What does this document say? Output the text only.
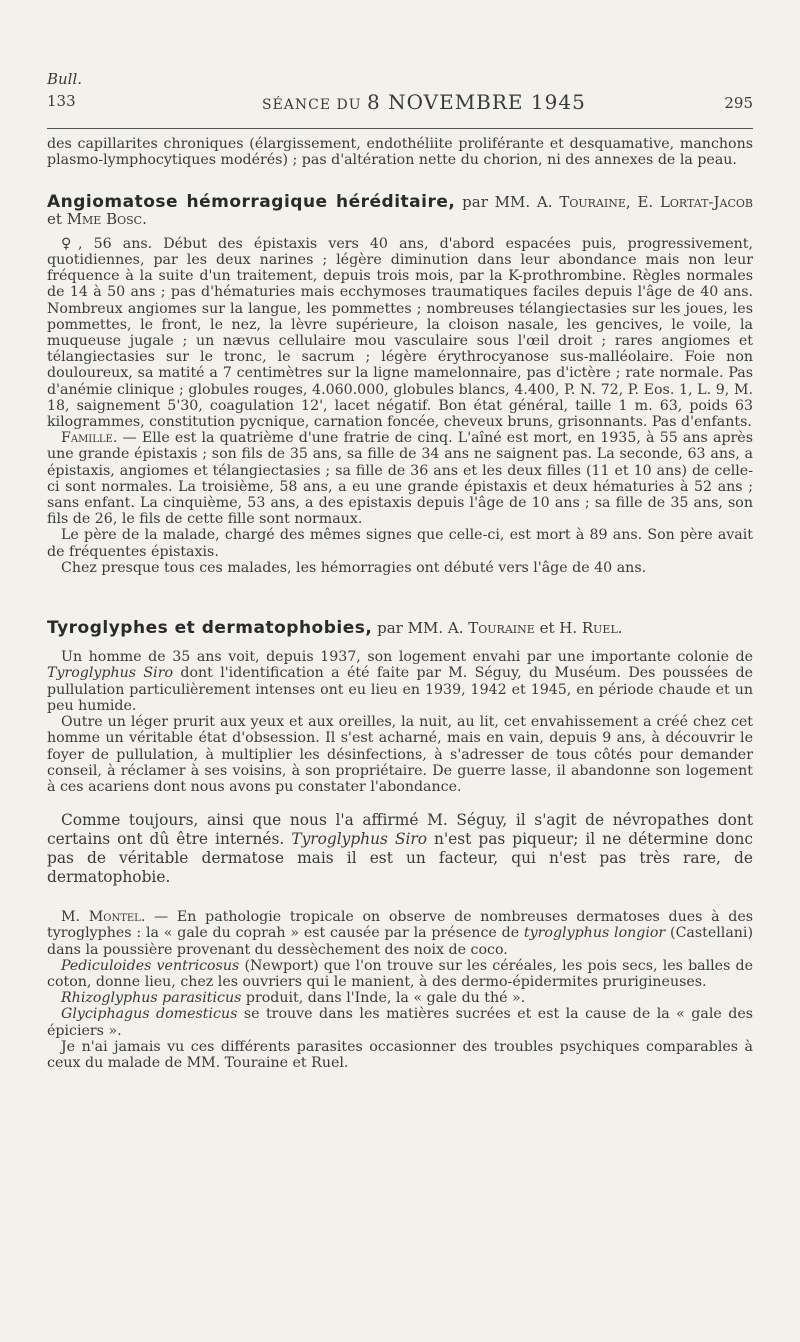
Bull.
133	SÉANCE DU 8 NOVEMBRE 1945	295

des capillarites chroniques (élargissement, endothéliite proliférante et desquamative, manchons plasmo-lymphocytiques modérés) ; pas d'altération nette du chorion, ni des annexes de la peau.

Angiomatose hémorragique héréditaire, par MM. A. Touraine, E. Lortat-Jacob et Mme Bosc.

♀, 56 ans. Début des épistaxis vers 40 ans, d'abord espacées puis, progressivement, quotidiennes, par les deux narines ; légère diminution dans leur abondance mais non leur fréquence à la suite d'un traitement, depuis trois mois, par la K-prothrombine. Règles normales de 14 à 50 ans ; pas d'hématuries mais ecchymoses traumatiques faciles depuis l'âge de 40 ans. Nombreux angiomes sur la langue, les pommettes ; nombreuses télangiectasies sur les joues, les pommettes, le front, le nez, la lèvre supérieure, la cloison nasale, les gencives, le voile, la muqueuse jugale ; un nævus cellulaire mou vasculaire sous l'œil droit ; rares angiomes et télangiectasies sur le tronc, le sacrum ; légère érythrocyanose sus-malléolaire. Foie non douloureux, sa matité a 7 centimètres sur la ligne mamelonnaire, pas d'ictère ; rate normale. Pas d'anémie clinique ; globules rouges, 4.060.000, globules blancs, 4.400, P. N. 72, P. Eos. 1, L. 9, M. 18, saignement 5'30, coagulation 12', lacet négatif. Bon état général, taille 1 m. 63, poids 63 kilogrammes, constitution pycnique, carnation foncée, cheveux bruns, grisonnants. Pas d'enfants.

Famille. — Elle est la quatrième d'une fratrie de cinq. L'aîné est mort, en 1935, à 55 ans après une grande épistaxis ; son fils de 35 ans, sa fille de 34 ans ne saignent pas. La seconde, 63 ans, a épistaxis, angiomes et télangiectasies ; sa fille de 36 ans et les deux filles (11 et 10 ans) de celle-ci sont normales. La troisième, 58 ans, a eu une grande épistaxis et deux hématuries à 52 ans ; sans enfant. La cinquième, 53 ans, a des epistaxis depuis l'âge de 10 ans ; sa fille de 35 ans, son fils de 26, le fils de cette fille sont normaux.

Le père de la malade, chargé des mêmes signes que celle-ci, est mort à 89 ans. Son père avait de fréquentes épistaxis.

Chez presque tous ces malades, les hémorragies ont débuté vers l'âge de 40 ans.

Tyroglyphes et dermatophobies, par MM. A. Touraine et H. Ruel.

Un homme de 35 ans voit, depuis 1937, son logement envahi par une importante colonie de Tyroglyphus Siro dont l'identification a été faite par M. Séguy, du Muséum. Des poussées de pullulation particulièrement intenses ont eu lieu en 1939, 1942 et 1945, en période chaude et un peu humide.

Outre un léger prurit aux yeux et aux oreilles, la nuit, au lit, cet envahissement a créé chez cet homme un véritable état d'obsession. Il s'est acharné, mais en vain, depuis 9 ans, à découvrir le foyer de pullulation, à multiplier les désinfections, à s'adresser de tous côtés pour demander conseil, à réclamer à ses voisins, à son propriétaire. De guerre lasse, il abandonne son logement à ces acariens dont nous avons pu constater l'abondance.

Comme toujours, ainsi que nous l'a affirmé M. Séguy, il s'agit de névropathes dont certains ont dû être internés. Tyroglyphus Siro n'est pas piqueur; il ne détermine donc pas de véritable dermatose mais il est un facteur, qui n'est pas très rare, de dermatophobie.

M. Montel. — En pathologie tropicale on observe de nombreuses dermatoses dues à des tyroglyphes : la « gale du coprah » est causée par la présence de tyroglyphus longior (Castellani) dans la poussière provenant du dessèchement des noix de coco.

Pediculoides ventricosus (Newport) que l'on trouve sur les céréales, les pois secs, les balles de coton, donne lieu, chez les ouvriers qui le manient, à des dermo-épidermites prurigineuses.

Rhizoglyphus parasiticus produit, dans l'Inde, la « gale du thé ».

Glyciphagus domesticus se trouve dans les matières sucrées et est la cause de la « gale des épiciers ».

Je n'ai jamais vu ces différents parasites occasionner des troubles psychiques comparables à ceux du malade de MM. Touraine et Ruel.
